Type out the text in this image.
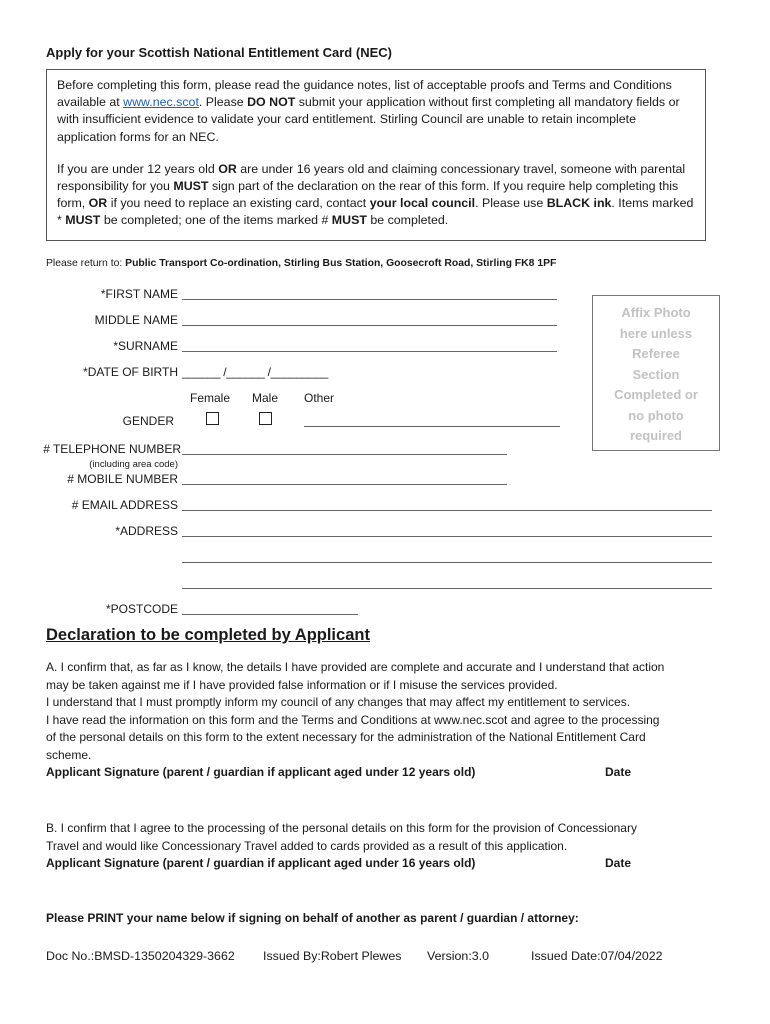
Apply for your Scottish National Entitlement Card (NEC)

Before completing this form, please read the guidance notes, list of acceptable proofs and Terms and Conditions available at www.nec.scot. Please DO NOT submit your application without first completing all mandatory fields or with insufficient evidence to validate your card entitlement. Stirling Council are unable to retain incomplete application forms for an NEC.

If you are under 12 years old OR are under 16 years old and claiming concessionary travel, someone with parental responsibility for you MUST sign part of the declaration on the rear of this form. If you require help completing this form, OR if you need to replace an existing card, contact your local council. Please use BLACK ink. Items marked * MUST be completed; one of the items marked # MUST be completed.

Please return to: Public Transport Co-ordination, Stirling Bus Station, Goosecroft Road, Stirling FK8 1PF
*FIRST NAME
MIDDLE NAME
*SURNAME
*DATE OF BIRTH ______ /______ /_________
Female Male Other
GENDER
Affix Photo
here unless
Referee
Section
Completed or
no photo
required
# TELEPHONE NUMBER
(including area code)
# MOBILE NUMBER
# EMAIL ADDRESS
*ADDRESS
*POSTCODE
Declaration to be completed by Applicant
A. I confirm that, as far as I know, the details I have provided are complete and accurate and I understand that action
may be taken against me if I have provided false information or if I misuse the services provided.
I understand that I must promptly inform my council of any changes that may affect my entitlement to services.
I have read the information on this form and the Terms and Conditions at www.nec.scot and agree to the processing
of the personal details on this form to the extent necessary for the administration of the National Entitlement Card
scheme.
Applicant Signature (parent / guardian if applicant aged under 12 years old)	Date
B. I confirm that I agree to the processing of the personal details on this form for the provision of Concessionary
Travel and would like Concessionary Travel added to cards provided as a result of this application.
Applicant Signature (parent / guardian if applicant aged under 16 years old)	Date
Please PRINT your name below if signing on behalf of another as parent / guardian / attorney:
Doc No.:BMSD-1350204329-3662 Issued By:Robert Plewes Version:3.0	Issued Date:07/04/2022
